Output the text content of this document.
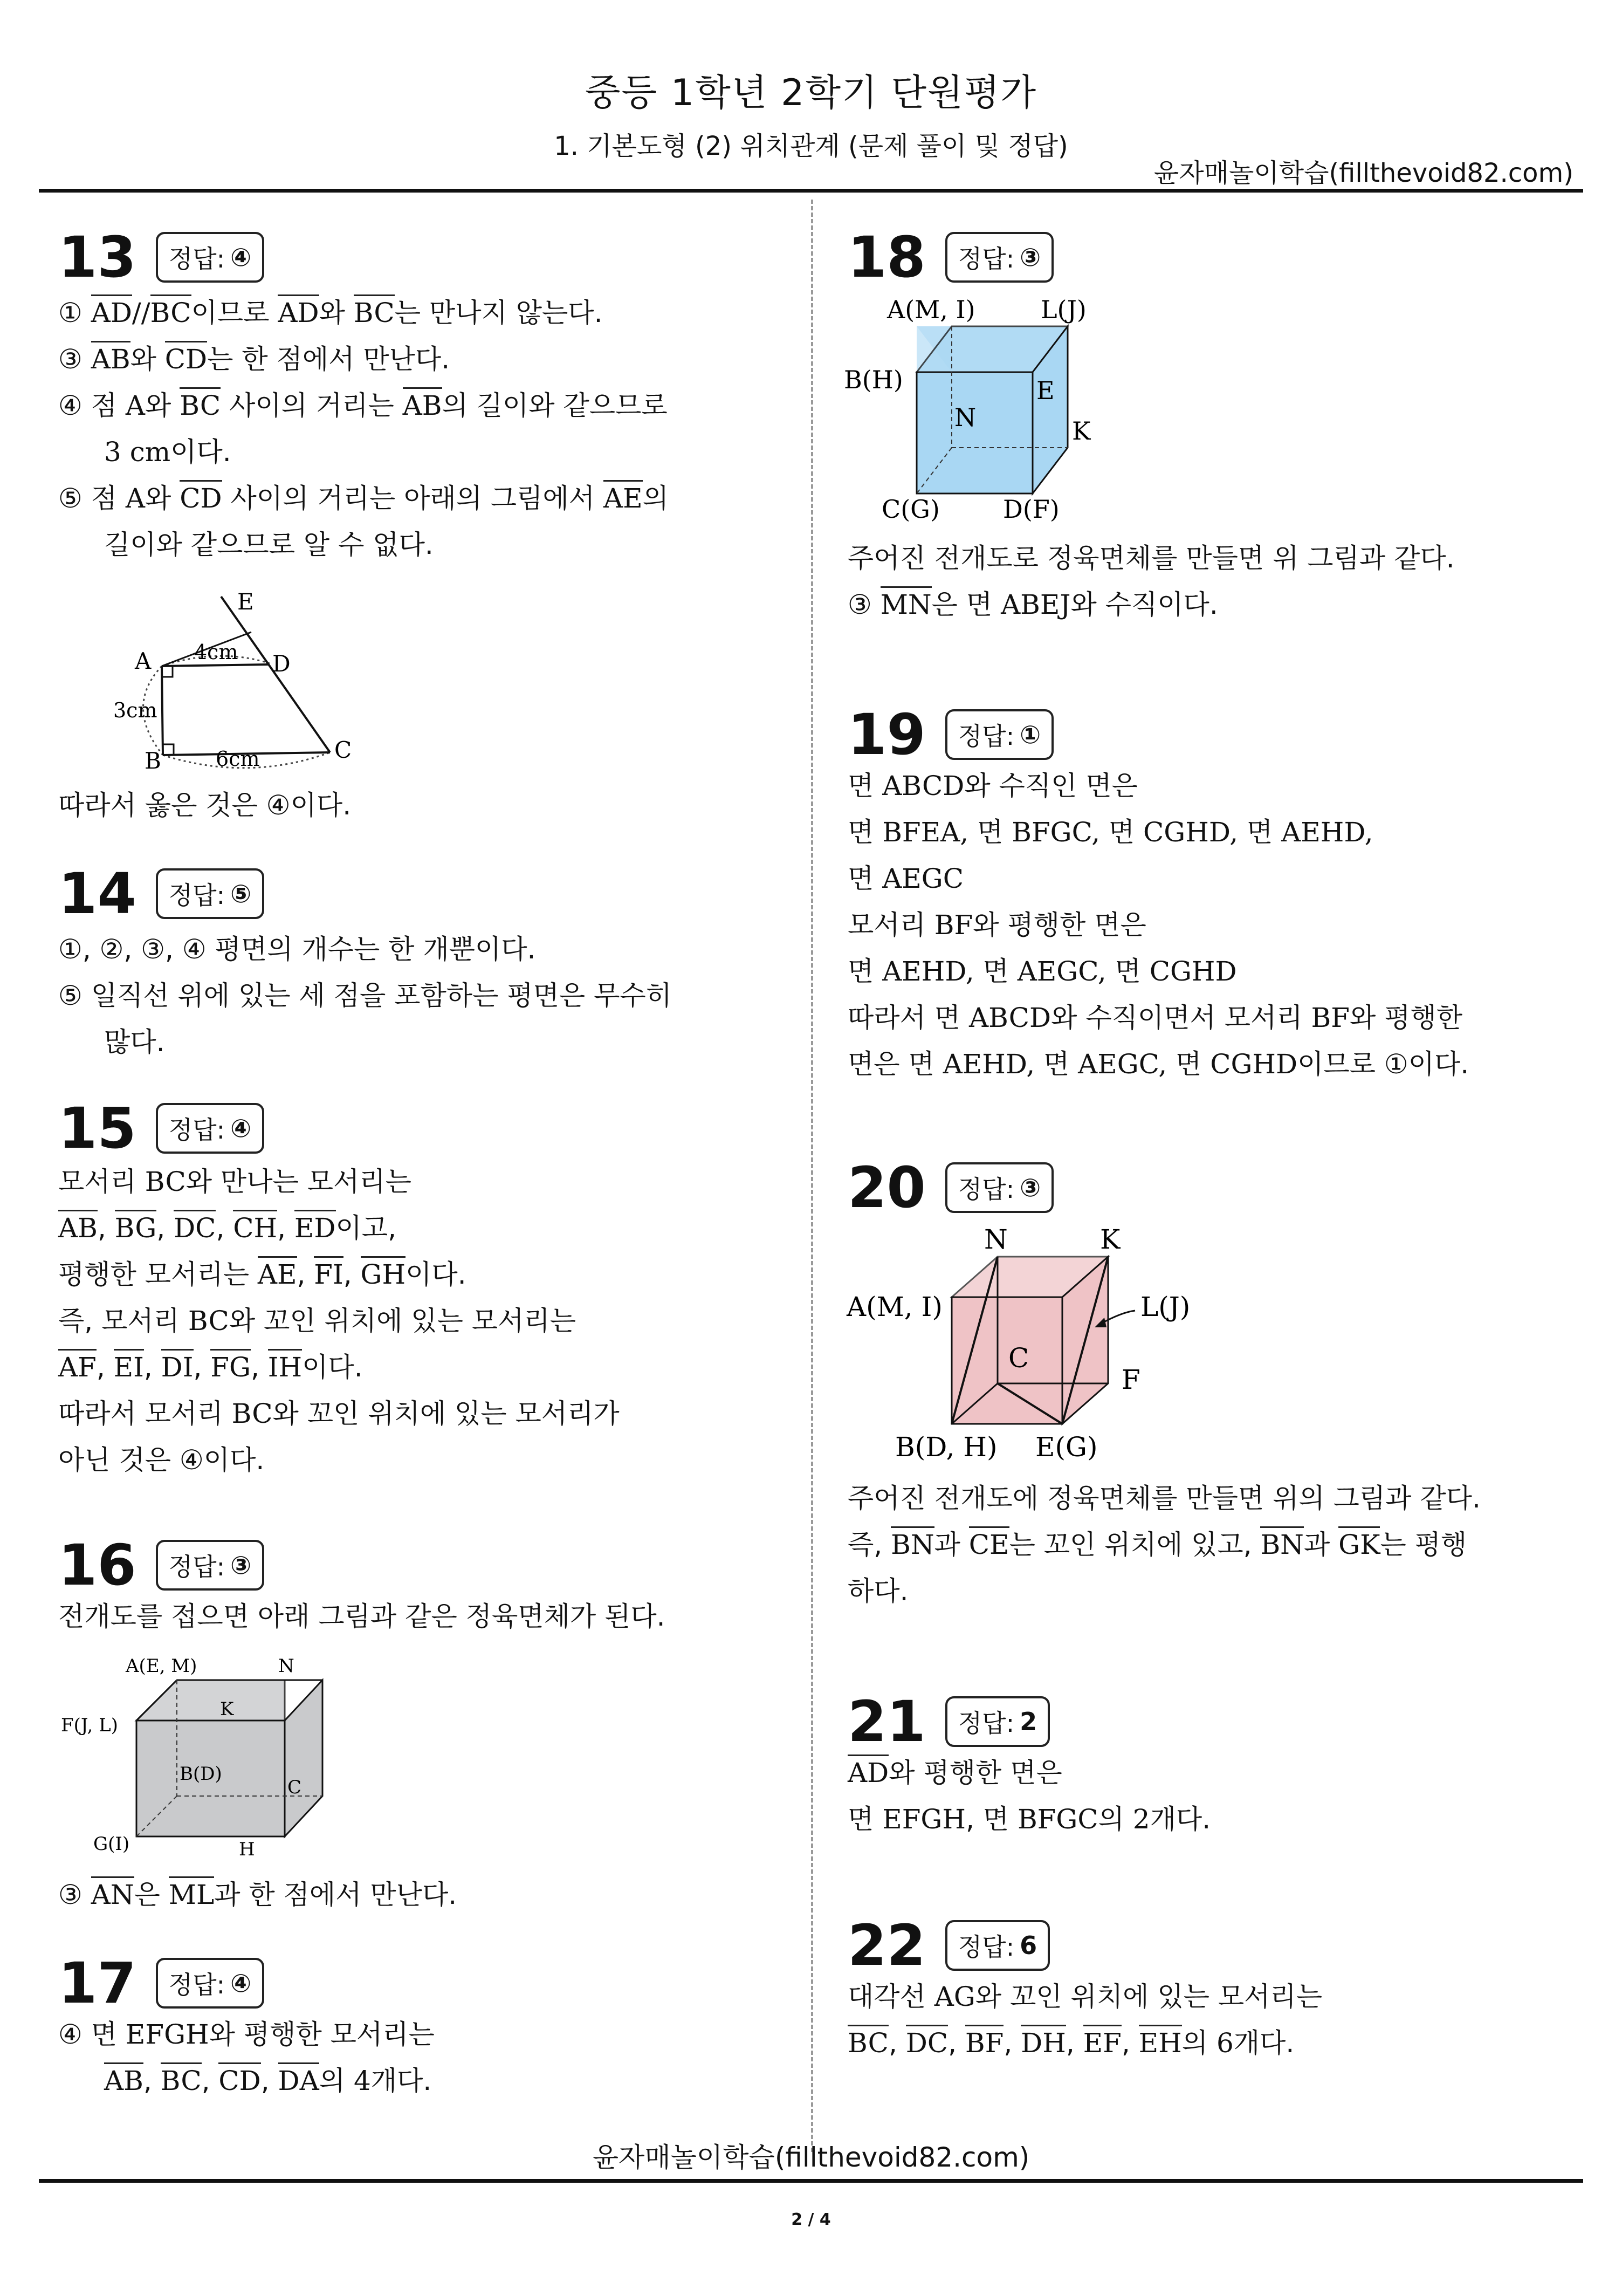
중등 1학년 2학기 단원평가
1. 기본도형 (2) 위치관계 (문제 풀이 및 정답)
윤자매놀이학습(fillthevoid82.com)
13 정답: ④
① AD//BC이므로 AD와 BC는 만나지 않는다.
③ AB와 CD는 한 점에서 만난다.
④ 점 A와 BC 사이의 거리는 AB의 길이와 같으므로
3 cm이다.
⑤ 점 A와 CD 사이의 거리는 아래의 그림에서 AE의
길이와 같으므로 알 수 없다.
E
A	D
4cm
3cm
B	6cm	C
따라서 옳은 것은 ④이다.
14 정답: ⑤
①, ②, ③, ④ 평면의 개수는 한 개뿐이다.
⑤ 일직선 위에 있는 세 점을 포함하는 평면은 무수히
많다.
15 정답: ④
모서리 BC와 만나는 모서리는
AB, BG, DC, CH, ED이고,
평행한 모서리는 AE, FI, GH이다.
즉, 모서리 BC와 꼬인 위치에 있는 모서리는
AF, EI, DI, FG, IH이다.
따라서 모서리 BC와 꼬인 위치에 있는 모서리가
아닌 것은 ④이다.
16 정답: ③
전개도를 접으면 아래 그림과 같은 정육면체가 된다.
A(E, M)	N
F(J, L)
K
B(D)
C
G(I)	H
③ AN은 ML과 한 점에서 만난다.
17 정답: ④
④ 면 EFGH와 평행한 모서리는
AB, BC, CD, DA의 4개다.
18 정답: ③
A(M, I)	L(J)
B(H)	E
N	K
C(G)	D(F)
주어진 전개도로 정육면체를 만들면 위 그림과 같다.
③ MN은 면 ABEJ와 수직이다.
19 정답: ①
면 ABCD와 수직인 면은
면 BFEA, 면 BFGC, 면 CGHD, 면 AEHD,
면 AEGC
모서리 BF와 평행한 면은
면 AEHD, 면 AEGC, 면 CGHD
따라서 면 ABCD와 수직이면서 모서리 BF와 평행한
면은 면 AEHD, 면 AEGC, 면 CGHD이므로 ①이다.
20 정답: ③
N	K
A(M, I)	L(J)
C
F
B(D, H) E(G)
주어진 전개도에 정육면체를 만들면 위의 그림과 같다.
즉, BN과 CE는 꼬인 위치에 있고, BN과 GK는 평행
하다.
21 정답: 2
AD와 평행한 면은
면 EFGH, 면 BFGC의 2개다.
22 정답: 6
대각선 AG와 꼬인 위치에 있는 모서리는
BC, DC, BF, DH, EF, EH의 6개다.
윤자매놀이학습(fillthevoid82.com)
2 / 4
